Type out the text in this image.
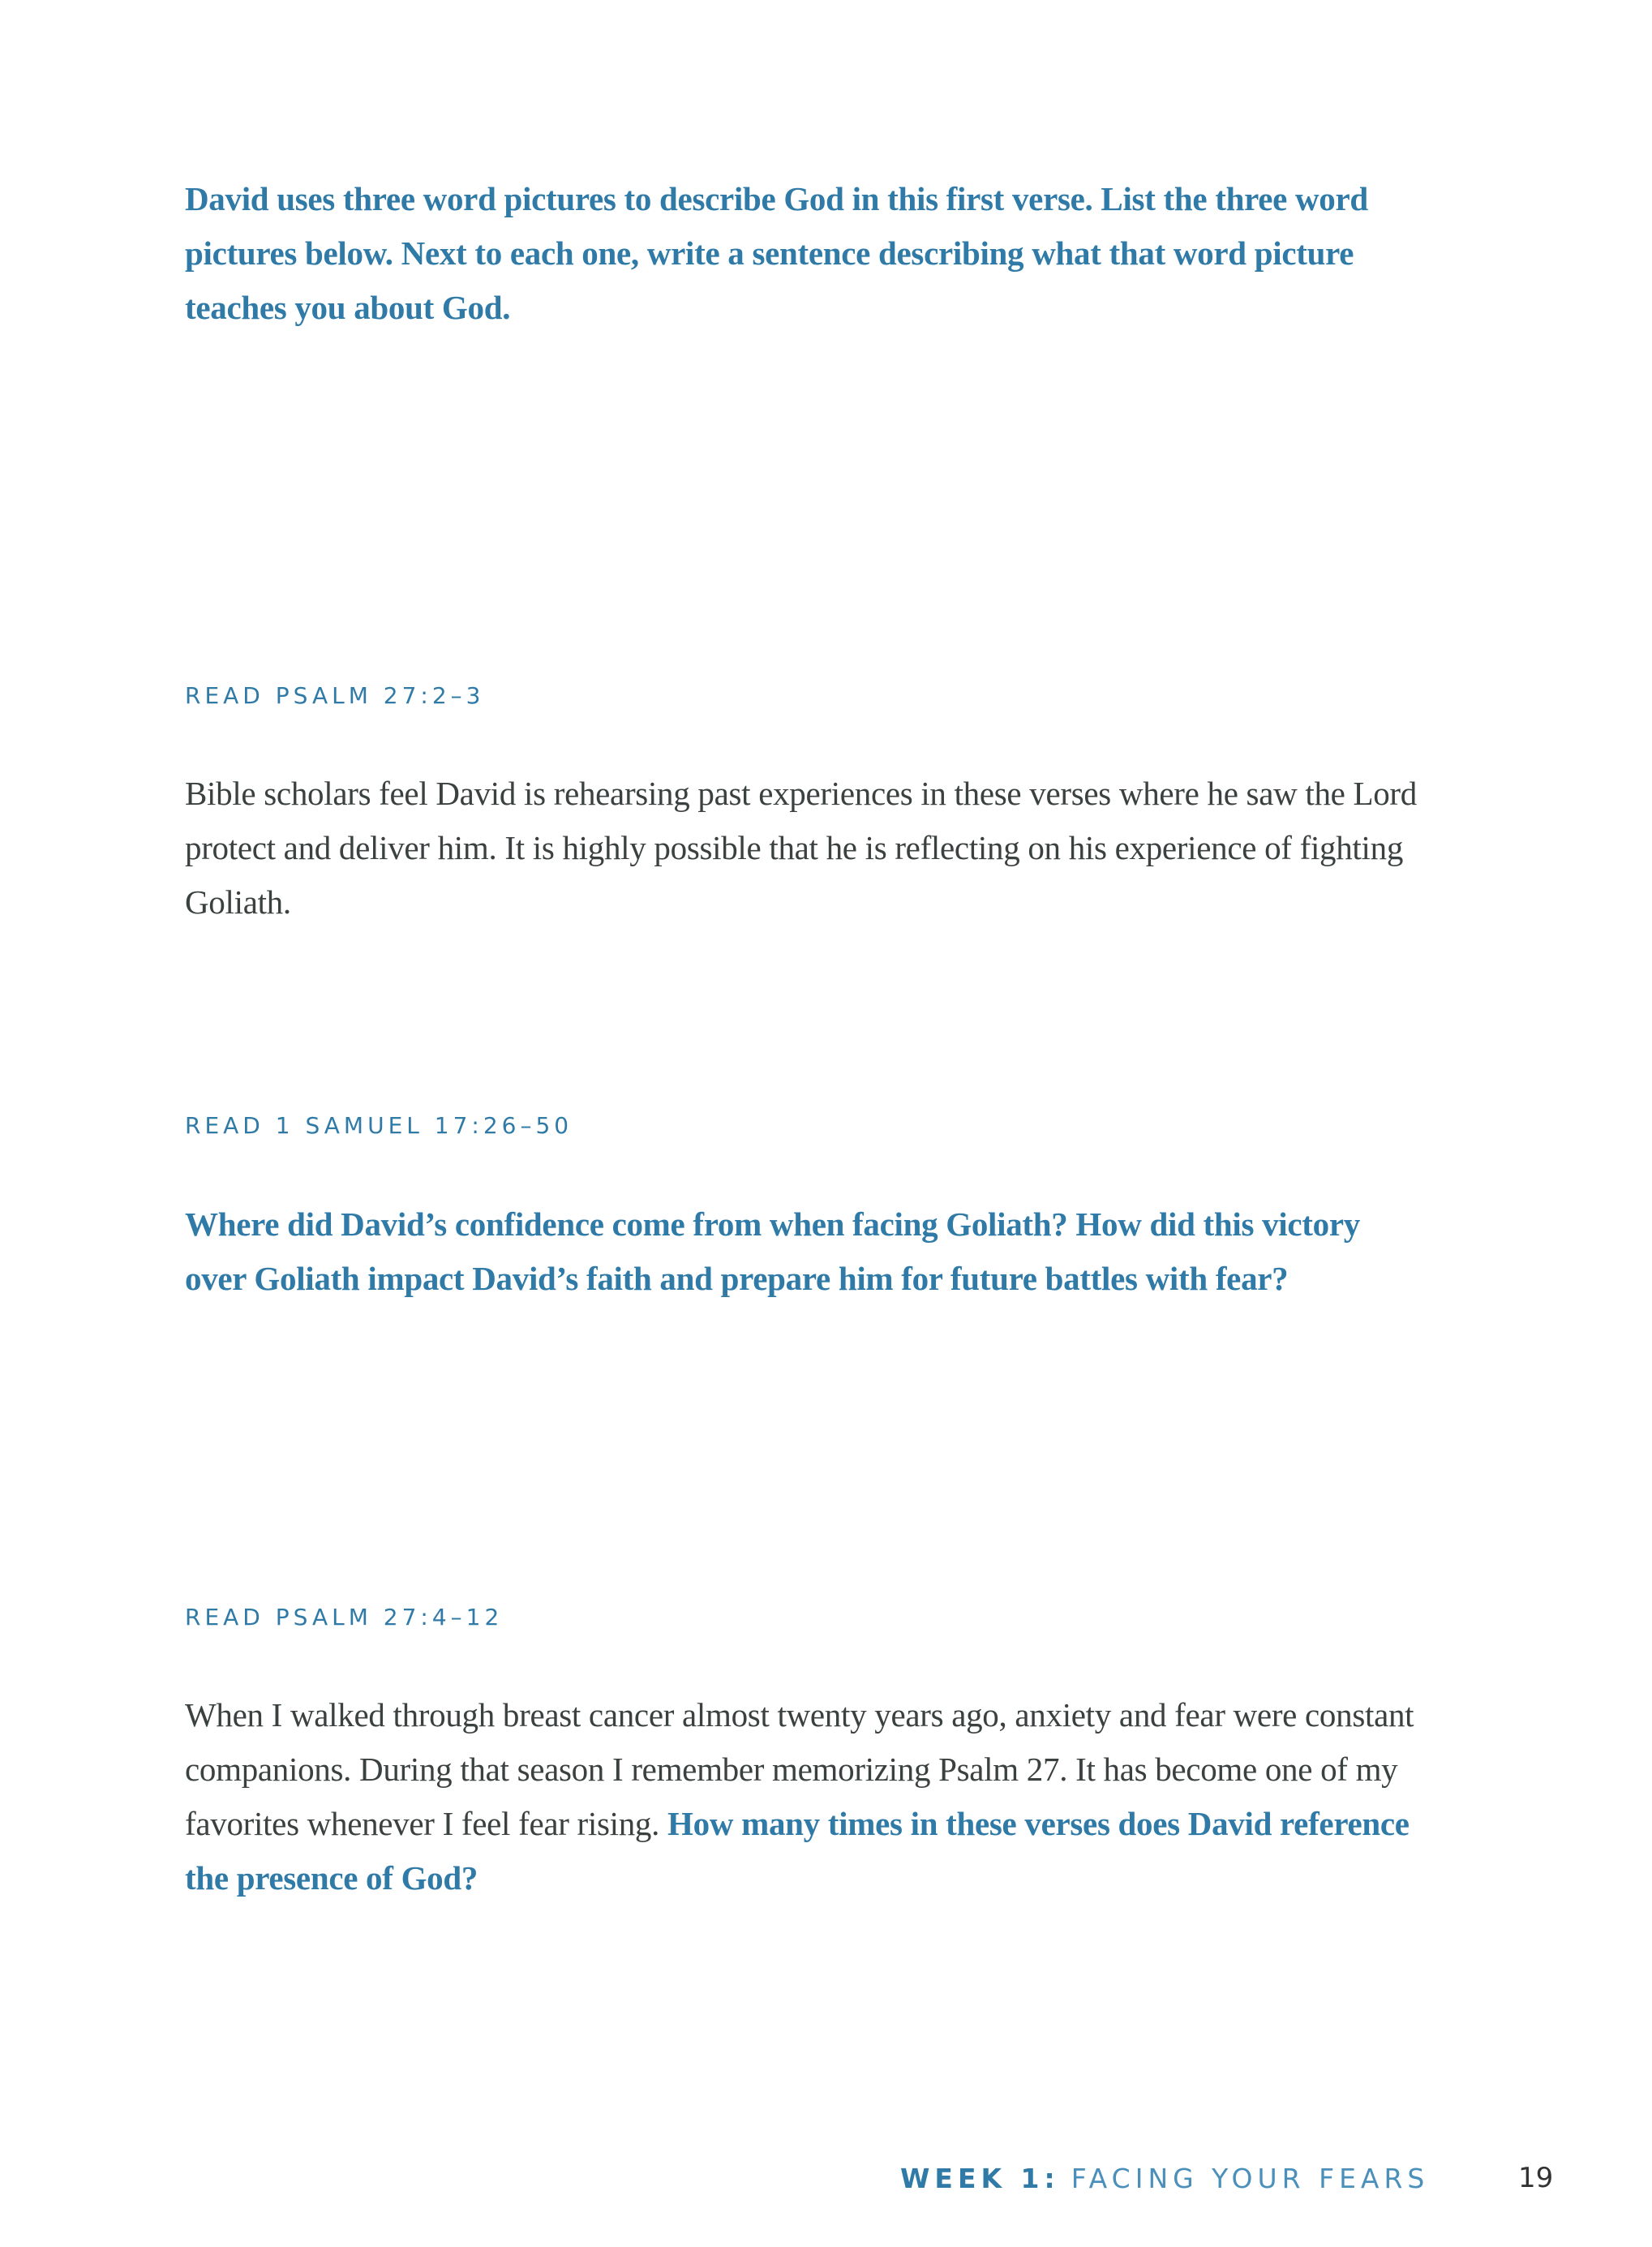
David uses three word pictures to describe God in this first verse. List the three word pictures below. Next to each one, write a sentence describing what that word picture teaches you about God.

READ PSALM 27:2–3

Bible scholars feel David is rehearsing past experiences in these verses where he saw the Lord protect and deliver him. It is highly possible that he is reflecting on his experience of fighting Goliath.

READ 1 SAMUEL 17:26–50

Where did David’s confidence come from when facing Goliath? How did this victory over Goliath impact David’s faith and prepare him for future battles with fear?

READ PSALM 27:4–12

When I walked through breast cancer almost twenty years ago, anxiety and fear were constant companions. During that season I remember memorizing Psalm 27. It has become one of my favorites whenever I feel fear rising. How many times in these verses does David reference the presence of God?

WEEK 1: FACING YOUR FEARS	19
